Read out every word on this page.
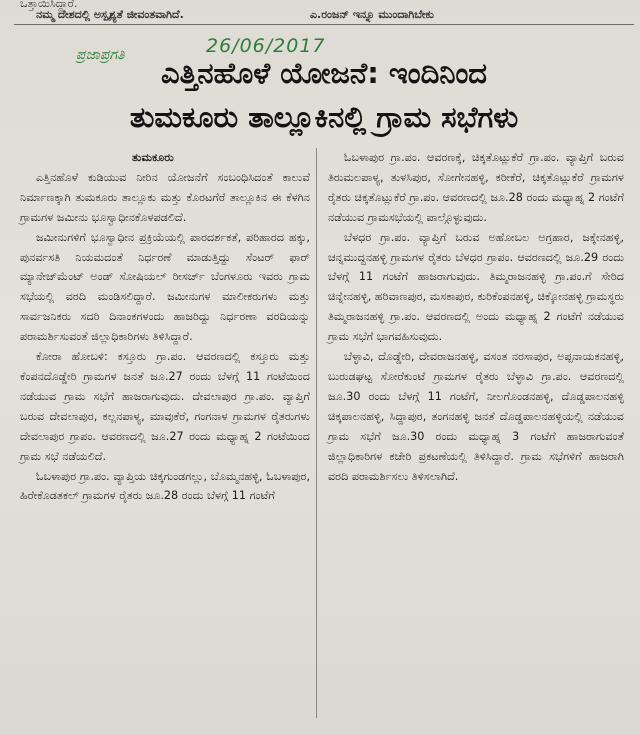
ಒತ್ತಾಯಿಸಿದ್ದಾರೆ.
ನಮ್ಮ ದೇಶದಲ್ಲಿ ಅಸ್ಪೃಶ್ಯತೆ ಜೀವಂತವಾಗಿದೆ.	ಎ.ರಂಜನ್ ಇನ್ನೂ ಮುಂದಾಗಿಬೇಕು
ಪ್ರಜಾಪ್ರಗತಿ	26/06/2017
ಎತ್ತಿನಹೊಳೆ ಯೋಜನೆ: ಇಂದಿನಿಂದ
ತುಮಕೂರು ತಾಲ್ಲೂಕಿನಲ್ಲಿ ಗ್ರಾಮ ಸಭೆಗಳು
ತುಮಕೂರು

ಎತ್ತಿನಹೊಳೆ ಕುಡಿಯುವ ನೀರಿನ ಯೋಜನೆಗೆ ಸಂಬಂಧಿಸಿದಂತೆ ಕಾಲುವೆ ನಿರ್ಮಾಣಕ್ಕಾಗಿ ತುಮಕೂರು ತಾಲ್ಲೂಕು ಮತ್ತು ಕೊರಟಗೆರೆ ತಾಲ್ಲೂಕಿನ ಈ ಕೆಳಗಿನ ಗ್ರಾಮಗಳ ಜಮೀನು ಭೂಸ್ವಾಧೀನಕೊಳಪಡಲಿದೆ.

ಜಮೀನುಗಳಿಗೆ ಭೂಸ್ವಾಧೀನ ಪ್ರಕ್ರಿಯೆಯಲ್ಲಿ ಪಾರದರ್ಶಕತೆ, ಪರಿಹಾರದ ಹಕ್ಕು, ಪುನರ್ವಸತಿ ನಿಯಮದಂತೆ ನಿರ್ಧರಣೆ ಮಾಡುತ್ತಿದ್ದು ಸೆಂಟರ್ ಫಾರ್ ಮ್ಯಾನೇಜ್‌ಮೆಂಟ್ ಅಂಡ್ ಸೋಷಿಯಲ್ ರೀಸರ್ಚ್ ಬೆಂಗಳೂರು ಇವರು ಗ್ರಾಮ ಸಭೆಯಲ್ಲಿ ವರದಿ ಮಂಡಿಸಲಿದ್ದಾರೆ. ಜಮೀನುಗಳ ಮಾಲೀಕರುಗಳು ಮತ್ತು ಸಾರ್ವಜನಿಕರು ಸದರಿ ದಿನಾಂಕಗಳಂದು ಹಾಜರಿದ್ದು ನಿರ್ಧರಣಾ ವರದಿಯನ್ನು ಪರಾಮರ್ಶಿಸುವಂತೆ ಜಿಲ್ಲಾಧಿಕಾರಿಗಳು ತಿಳಿಸಿದ್ದಾರೆ.

ಕೋರಾ ಹೋಬಳಿ: ಕಸ್ತೂರು ಗ್ರಾ.ಪಂ. ಆವರಣದಲ್ಲಿ ಕಸ್ತೂರು ಮತ್ತು ಕೆಂಪನದೊಡ್ಡೇರಿ ಗ್ರಾಮಗಳ ಜನತೆ ಜೂ.27 ರಂದು ಬೆಳಗ್ಗೆ 11 ಗಂಟೆಯಿಂದ ನಡೆಯುವ ಗ್ರಾಮ ಸಭೆಗೆ ಹಾಜರಾಗುವುದು. ದೇವಲಾಪುರ ಗ್ರಾ.ಪಂ. ವ್ಯಾಪ್ತಿಗೆ ಬರುವ ದೇವಲಾಪುರ, ಕಲ್ಲನಪಾಳ್ಯ, ಮಾವುಕೆರೆ, ಗಂಗನಾಳ ಗ್ರಾಮಗಳ ರೈತರುಗಳು ದೇವಲಾಪುರ ಗ್ರಾಪಂ. ಆವರಣದಲ್ಲಿ ಜೂ.27 ರಂದು ಮಧ್ಯಾಹ್ನ 2 ಗಂಟೆಯಿಂದ ಗ್ರಾಮ ಸಭೆ ನಡೆಯಲಿದೆ.

ಓಬಳಾಪುರ ಗ್ರಾ.ಪಂ. ವ್ಯಾಪ್ತಿಯ ಚಿಕ್ಕಗುಂಡಗಲ್ಲು, ಬೊಮ್ಮನಹಳ್ಳಿ, ಓಬಳಾಪುರ, ಹಿರೇಕೊಡತಕಲ್ ಗ್ರಾಮಗಳ ರೈತರು ಜೂ.28 ರಂದು ಬೆಳಗ್ಗೆ 11 ಗಂಟೆಗೆ

ಓಬಳಾಪುರ ಗ್ರಾ.ಪಂ. ಆವರಣಕ್ಕೆ, ಚಿಕ್ಕತೊಟ್ಲುಕೆರೆ ಗ್ರಾ.ಪಂ. ವ್ಯಾಪ್ತಿಗೆ ಬರುವ ತಿರುಮಲಪಾಳ್ಯ, ತುಳಸಿಪುರ, ಸೋಗೇನಹಳ್ಳಿ, ಕರೀಕೆರೆ, ಚಿಕ್ಕತೊಟ್ಲುಕೆರೆ ಗ್ರಾಮಗಳ ರೈತರು ಚಿಕ್ಕತೊಟ್ಲುಕೆರೆ ಗ್ರಾ.ಪಂ. ಆವರಣದಲ್ಲಿ ಜೂ.28 ರಂದು ಮಧ್ಯಾಹ್ನ 2 ಗಂಟೆಗೆ ನಡೆಯುವ ಗ್ರಾಮಸಭೆಯಲ್ಲಿ ಪಾಲ್ಗೊಳ್ಳುವುದು.

ಬೆಳಧರ ಗ್ರಾ.ಪಂ. ವ್ಯಾಪ್ತಿಗೆ ಬರುವ ಅಹೋಬಲ ಅಗ್ರಹಾರ, ಜಕ್ಕೇನಹಳ್ಳಿ, ಚನ್ನಮುದ್ದನಹಳ್ಳಿ ಗ್ರಾಮಗಳ ರೈತರು ಬೆಳಧರ ಗ್ರಾಪಂ. ಆವರಣದಲ್ಲಿ ಜೂ.29 ರಂದು ಬೆಳಗ್ಗೆ 11 ಗಂಟೆಗೆ ಹಾಜರಾಗುವುದು. ತಿಮ್ಮರಾಜನಹಳ್ಳಿ ಗ್ರಾ.ಪಂ.ಗೆ ಸೇರಿದ ಚಿನ್ನೇನಹಳ್ಳಿ, ಹರಿವಾಣಪುರ, ಮಸಕಾಪುರ, ಕುರಿಕೆಂಪನಹಳ್ಳಿ, ಚಿಕ್ಕೋನಹಳ್ಳಿ ಗ್ರಾಮಸ್ಥರು ತಿಮ್ಮರಾಜನಹಳ್ಳಿ ಗ್ರಾ.ಪಂ. ಆವರಣದಲ್ಲಿ ಅಂದು ಮಧ್ಯಾಹ್ನ 2 ಗಂಟೆಗೆ ನಡೆಯುವ ಗ್ರಾಮ ಸಭೆಗೆ ಭಾಗವಹಿಸುವುದು.

ಬೆಳ್ಳಾವಿ, ದೊಡ್ಡೇರಿ, ದೇವರಾಜನಹಳ್ಳಿ, ವಸಂತ ನರಸಾಪುರ, ಅಪ್ಪನಾಯಕನಹಳ್ಳಿ, ಬುರುಡಘಟ್ಟ ಸೋರೆಕುಂಟೆ ಗ್ರಾಮಗಳ ರೈತರು ಬೆಳ್ಳಾವಿ ಗ್ರಾ.ಪಂ. ಆವರಣದಲ್ಲಿ ಜೂ.30 ರಂದು ಬೆಳಗ್ಗೆ 11 ಗಂಟೆಗೆ, ನೀಲಗೊಂಡನಹಳ್ಳಿ, ದೊಡ್ಡಪಾಲನಹಳ್ಳಿ ಚಿಕ್ಕಪಾಲನಹಳ್ಳಿ, ಸಿದ್ದಾಪುರ, ತಂಗನಹಳ್ಳಿ ಜನತೆ ದೊಡ್ಡಪಾಲನಹಳ್ಳಿಯಲ್ಲಿ ನಡೆಯುವ ಗ್ರಾಮ ಸಭೆಗೆ ಜೂ.30 ರಂದು ಮಧ್ಯಾಹ್ನ 3 ಗಂಟೆಗೆ ಹಾಜರಾಗುವಂತೆ ಜಿಲ್ಲಾಧಿಕಾರಿಗಳ ಕಚೇರಿ ಪ್ರಕಟಣೆಯಲ್ಲಿ ತಿಳಿಸಿದ್ದಾರೆ. ಗ್ರಾಮ ಸಭೆಗಳಿಗೆ ಹಾಜರಾಗಿ ವರದಿ ಪರಾಮರ್ಶಿಸಲು ತಿಳಿಸಲಾಗಿದೆ.
